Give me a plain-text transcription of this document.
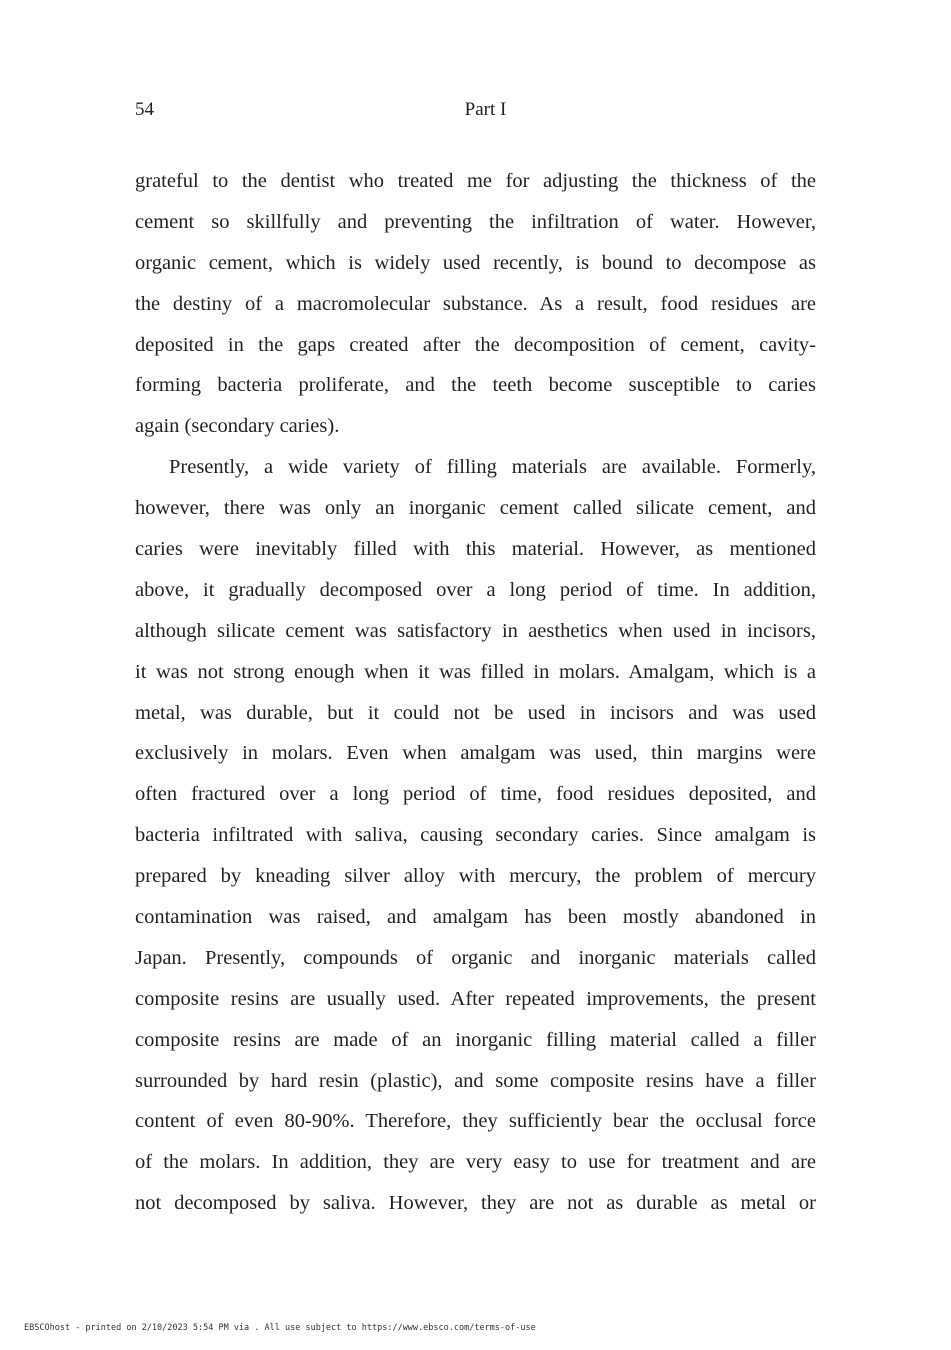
54	Part I

grateful to the dentist who treated me for adjusting the thickness of the
cement so skillfully and preventing the infiltration of water. However,
organic cement, which is widely used recently, is bound to decompose as
the destiny of a macromolecular substance. As a result, food residues are
deposited in the gaps created after the decomposition of cement, cavity-
forming bacteria proliferate, and the teeth become susceptible to caries
again (secondary caries).

Presently, a wide variety of filling materials are available. Formerly,
however, there was only an inorganic cement called silicate cement, and
caries were inevitably filled with this material. However, as mentioned
above, it gradually decomposed over a long period of time. In addition,
although silicate cement was satisfactory in aesthetics when used in incisors,
it was not strong enough when it was filled in molars. Amalgam, which is a
metal, was durable, but it could not be used in incisors and was used
exclusively in molars. Even when amalgam was used, thin margins were
often fractured over a long period of time, food residues deposited, and
bacteria infiltrated with saliva, causing secondary caries. Since amalgam is
prepared by kneading silver alloy with mercury, the problem of mercury
contamination was raised, and amalgam has been mostly abandoned in
Japan. Presently, compounds of organic and inorganic materials called
composite resins are usually used. After repeated improvements, the present
composite resins are made of an inorganic filling material called a filler
surrounded by hard resin (plastic), and some composite resins have a filler
content of even 80-90%. Therefore, they sufficiently bear the occlusal force
of the molars. In addition, they are very easy to use for treatment and are
not decomposed by saliva. However, they are not as durable as metal or

EBSCOhost - printed on 2/10/2023 5:54 PM via . All use subject to https://www.ebsco.com/terms-of-use
